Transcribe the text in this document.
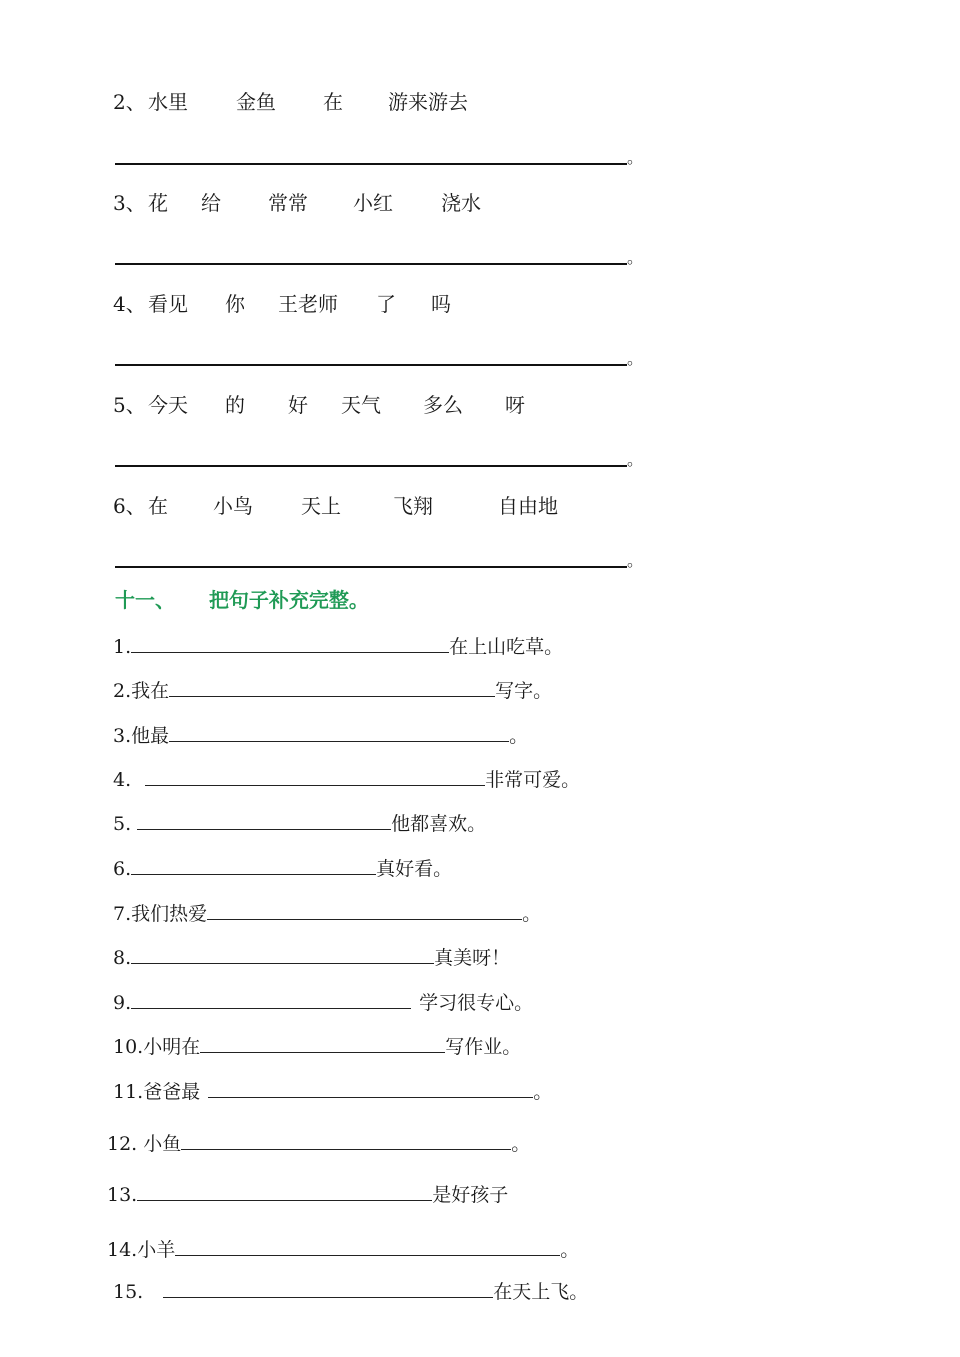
2、 水里 金鱼 在 游来游去
。
3、 花 给 常常 小红 浇水
。
4、 看见 你 王老师 了 吗
。
5、 今天 的 好 天气 多么 呀
。
6、 在 小鸟 天上	飞翔	自由地
。
十一、 把句子补充完整。
1.	在上山吃草。
2.我在	写字。
3.他最	。
4.	非常可爱。
5.	他都喜欢。
6.	真好看。
7.我们热爱	。
8.	真美呀！
9.	学习很专心。
10.小明在	写作业。
11.爸爸最	。
12. 小鱼	。
13.	是好孩子
14.小羊	。
15.	在天上飞。
